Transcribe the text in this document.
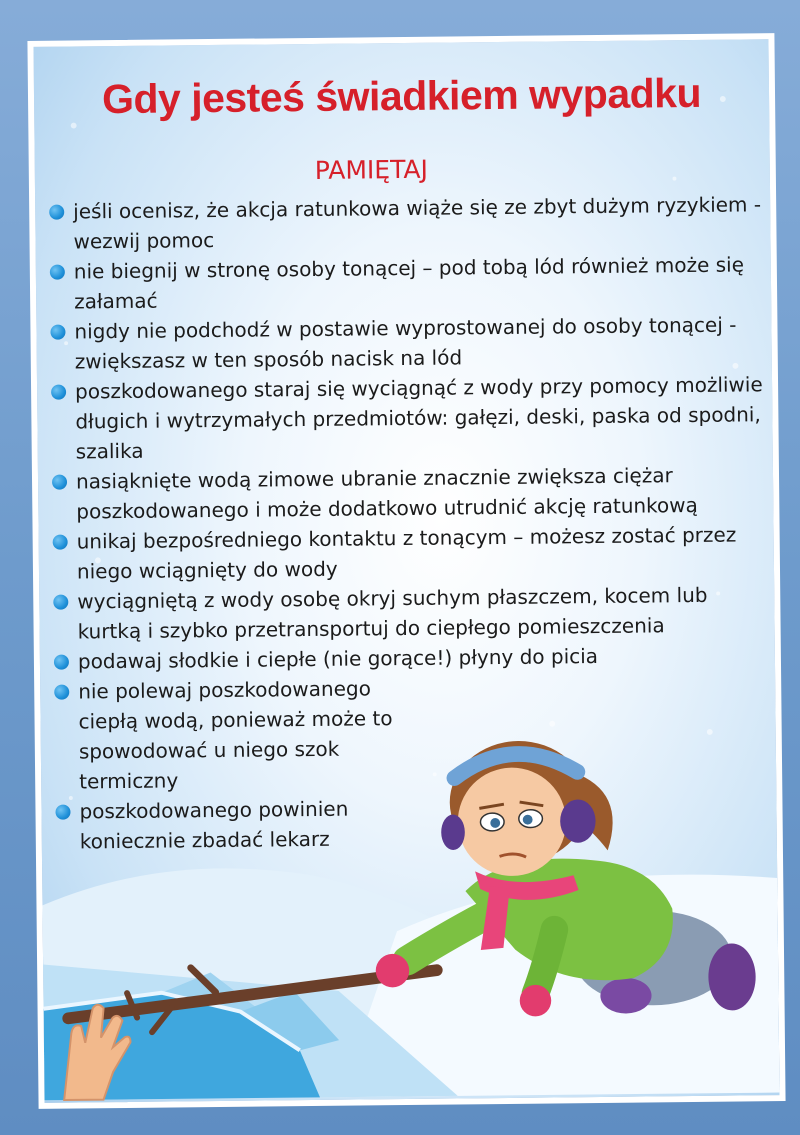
Gdy jesteś świadkiem wypadku
PAMIĘTAJ
jeśli ocenisz, że akcja ratunkowa wiąże się ze zbyt dużym ryzykiem - wezwij pomoc
nie biegnij w stronę osoby tonącej – pod tobą lód również może się załamać
nigdy nie podchodź w postawie wyprostowanej do osoby tonącej - zwiększasz w ten sposób nacisk na lód
poszkodowanego staraj się wyciągnąć z wody przy pomocy możliwie długich i wytrzymałych przedmiotów: gałęzi, deski, paska od spodni, szalika
nasiąknięte wodą zimowe ubranie znacznie zwiększa ciężar poszkodowanego i może dodatkowo utrudnić akcję ratunkową
unikaj bezpośredniego kontaktu z tonącym – możesz zostać przez niego wciągnięty do wody
wyciągniętą z wody osobę okryj suchym płaszczem, kocem lub kurtką i szybko przetransportuj do ciepłego pomieszczenia
podawaj słodkie i ciepłe (nie gorące!) płyny do picia
nie polewaj poszkodowanego ciepłą wodą, ponieważ może to spowodować u niego szok termiczny
poszkodowanego powinien koniecznie zbadać lekarz
